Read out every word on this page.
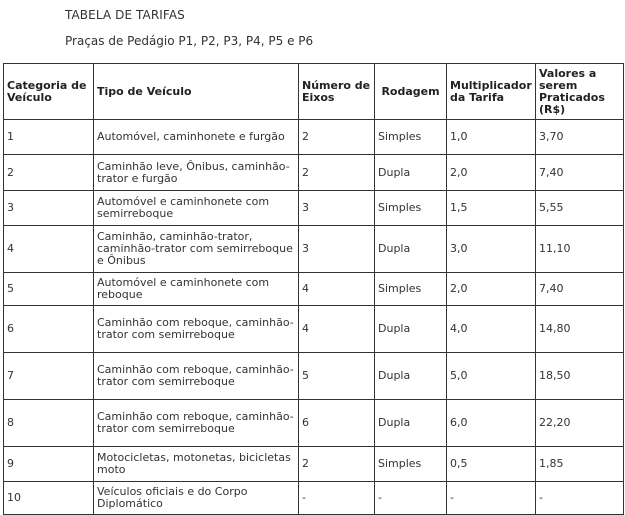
TABELA DE TARIFAS
Praças de Pedágio P1, P2, P3, P4, P5 e P6
Categoria de Veículo	Tipo de Veículo	Número de Eixos	Rodagem	Multiplicador da Tarifa	Valores a serem Praticados (R$)
1	Automóvel, caminhonete e furgão	2	Simples	1,0	3,70
2	Caminhão leve, Ônibus, caminhão-trator e furgão	2	Dupla	2,0	7,40
3	Automóvel e caminhonete com semirreboque	3	Simples	1,5	5,55
4	Caminhão, caminhão-trator, caminhão-trator com semirreboque e Ônibus	3	Dupla	3,0	11,10
5	Automóvel e caminhonete com reboque	4	Simples	2,0	7,40
6	Caminhão com reboque, caminhão-trator com semirreboque	4	Dupla	4,0	14,80
7	Caminhão com reboque, caminhão-trator com semirreboque	5	Dupla	5,0	18,50
8	Caminhão com reboque, caminhão-trator com semirreboque	6	Dupla	6,0	22,20
9	Motocicletas, motonetas, bicicletas moto	2	Simples	0,5	1,85
10	Veículos oficiais e do Corpo Diplomático	-	-	-	-
